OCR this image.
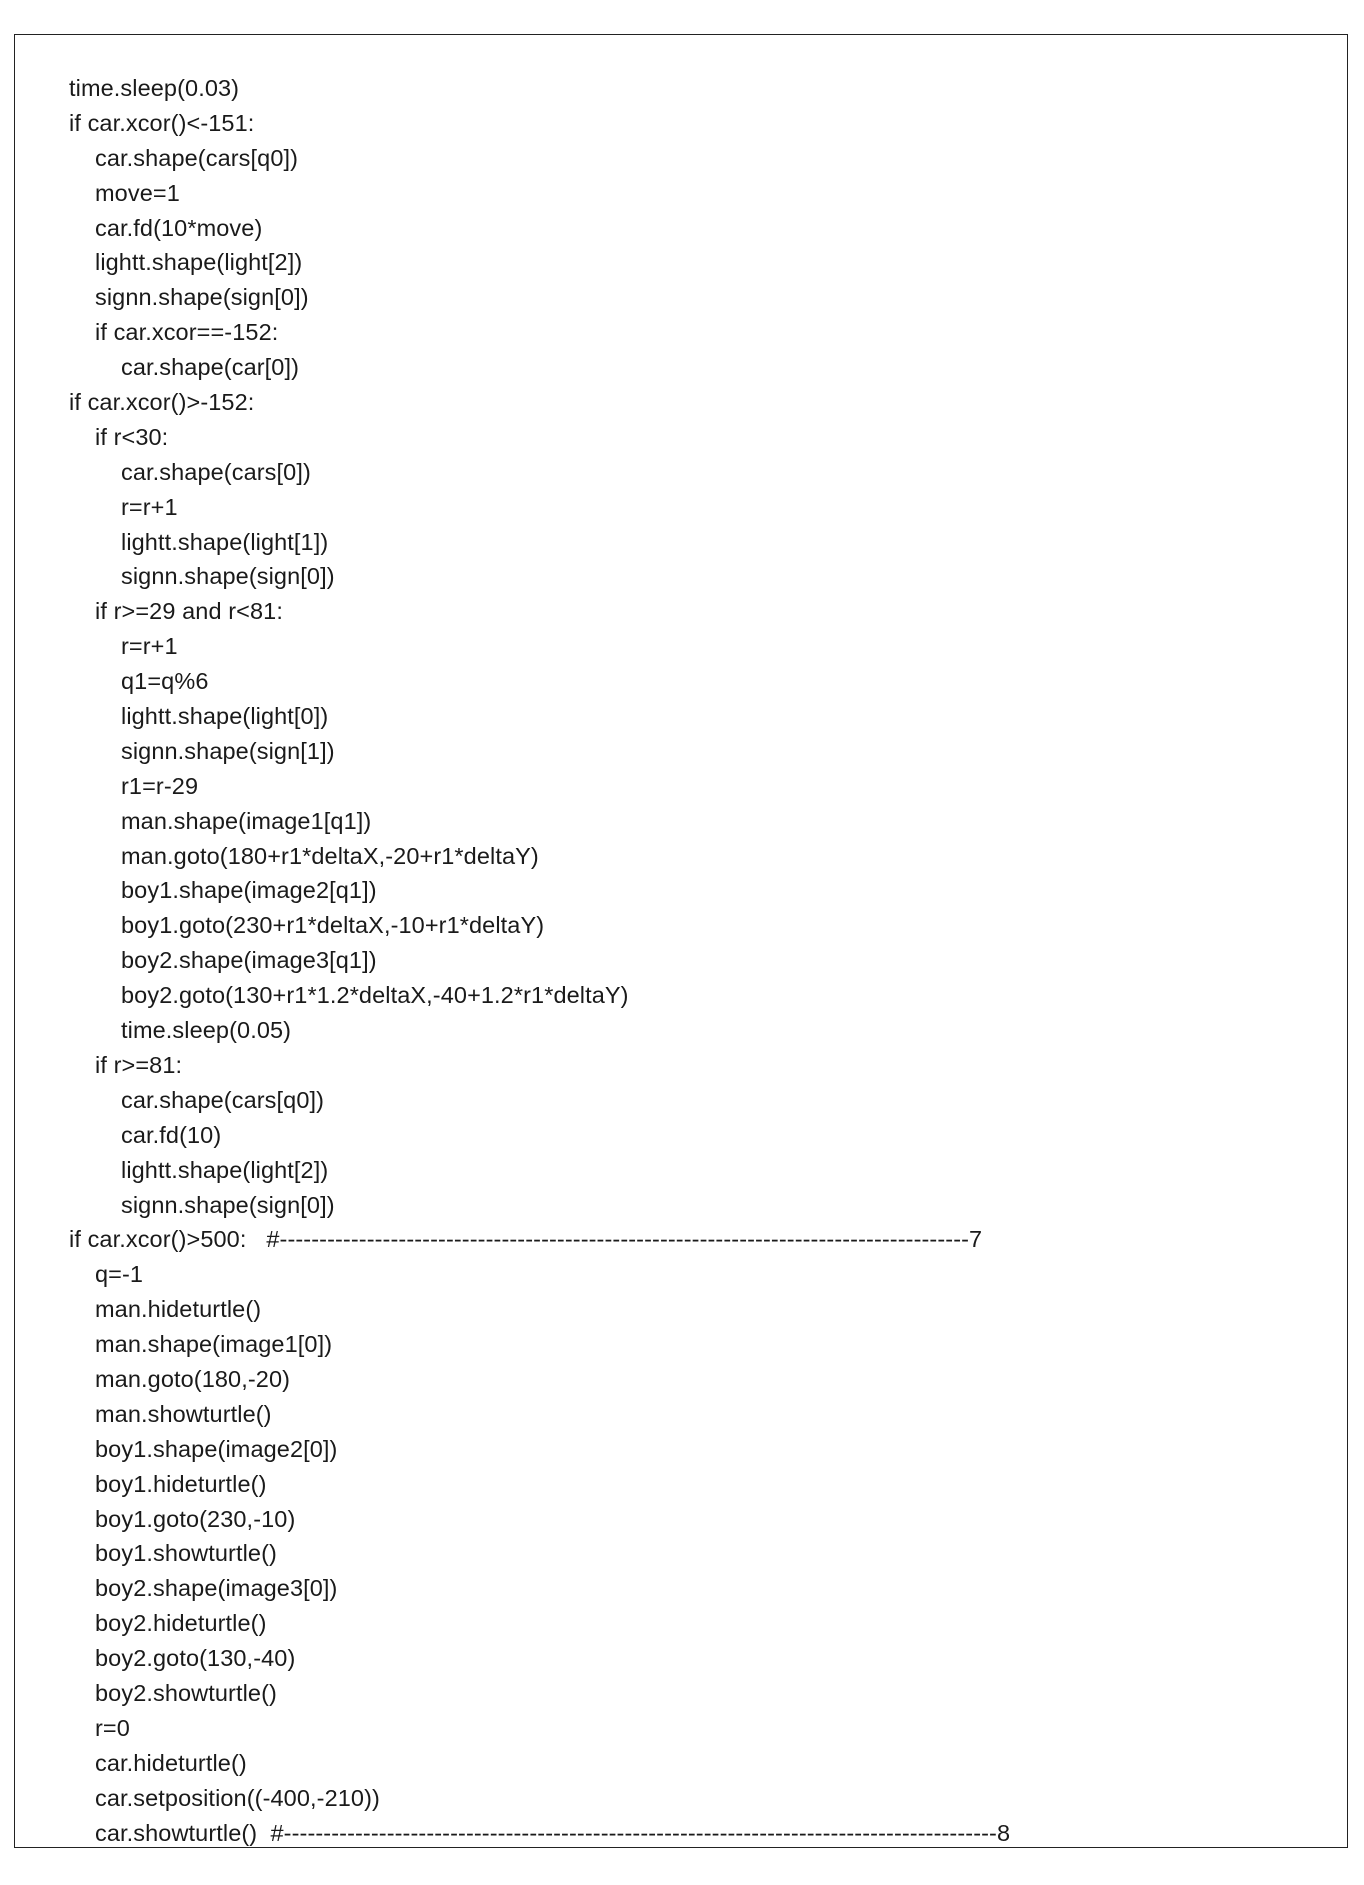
time.sleep(0.03)
if car.xcor()<-151:
car.shape(cars[q0])
move=1
car.fd(10*move)
lightt.shape(light[2])
signn.shape(sign[0])
if car.xcor==-152:
car.shape(car[0])
if car.xcor()>-152:
if r<30:
car.shape(cars[0])
r=r+1
lightt.shape(light[1])
signn.shape(sign[0])
if r>=29 and r<81:
r=r+1
q1=q%6
lightt.shape(light[0])
signn.shape(sign[1])
r1=r-29
man.shape(image1[q1])
man.goto(180+r1*deltaX,-20+r1*deltaY)
boy1.shape(image2[q1])
boy1.goto(230+r1*deltaX,-10+r1*deltaY)
boy2.shape(image3[q1])
boy2.goto(130+r1*1.2*deltaX,-40+1.2*r1*deltaY)
time.sleep(0.05)
if r>=81:
car.shape(cars[q0])
car.fd(10)
lightt.shape(light[2])
signn.shape(sign[0])
if car.xcor()>500:   #---------------------------------------------------------------------------------------7
q=-1
man.hideturtle()
man.shape(image1[0])
man.goto(180,-20)
man.showturtle()
boy1.shape(image2[0])
boy1.hideturtle()
boy1.goto(230,-10)
boy1.showturtle()
boy2.shape(image3[0])
boy2.hideturtle()
boy2.goto(130,-40)
boy2.showturtle()
r=0
car.hideturtle()
car.setposition((-400,-210))
car.showturtle()  #------------------------------------------------------------------------------------------8
